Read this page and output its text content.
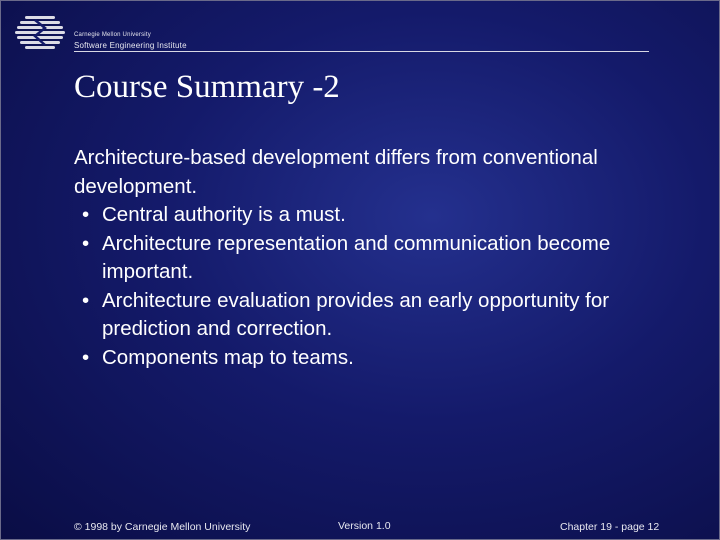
Carnegie Mellon University
Software Engineering Institute
Course Summary -2

Architecture-based development differs from conventional development.

• Central authority is a must.
• Architecture representation and communication become important.
• Architecture evaluation provides an early opportunity for prediction and correction.
• Components map to teams.
© 1998 by Carnegie Mellon University	Version 1.0	Chapter 19 - page 12
